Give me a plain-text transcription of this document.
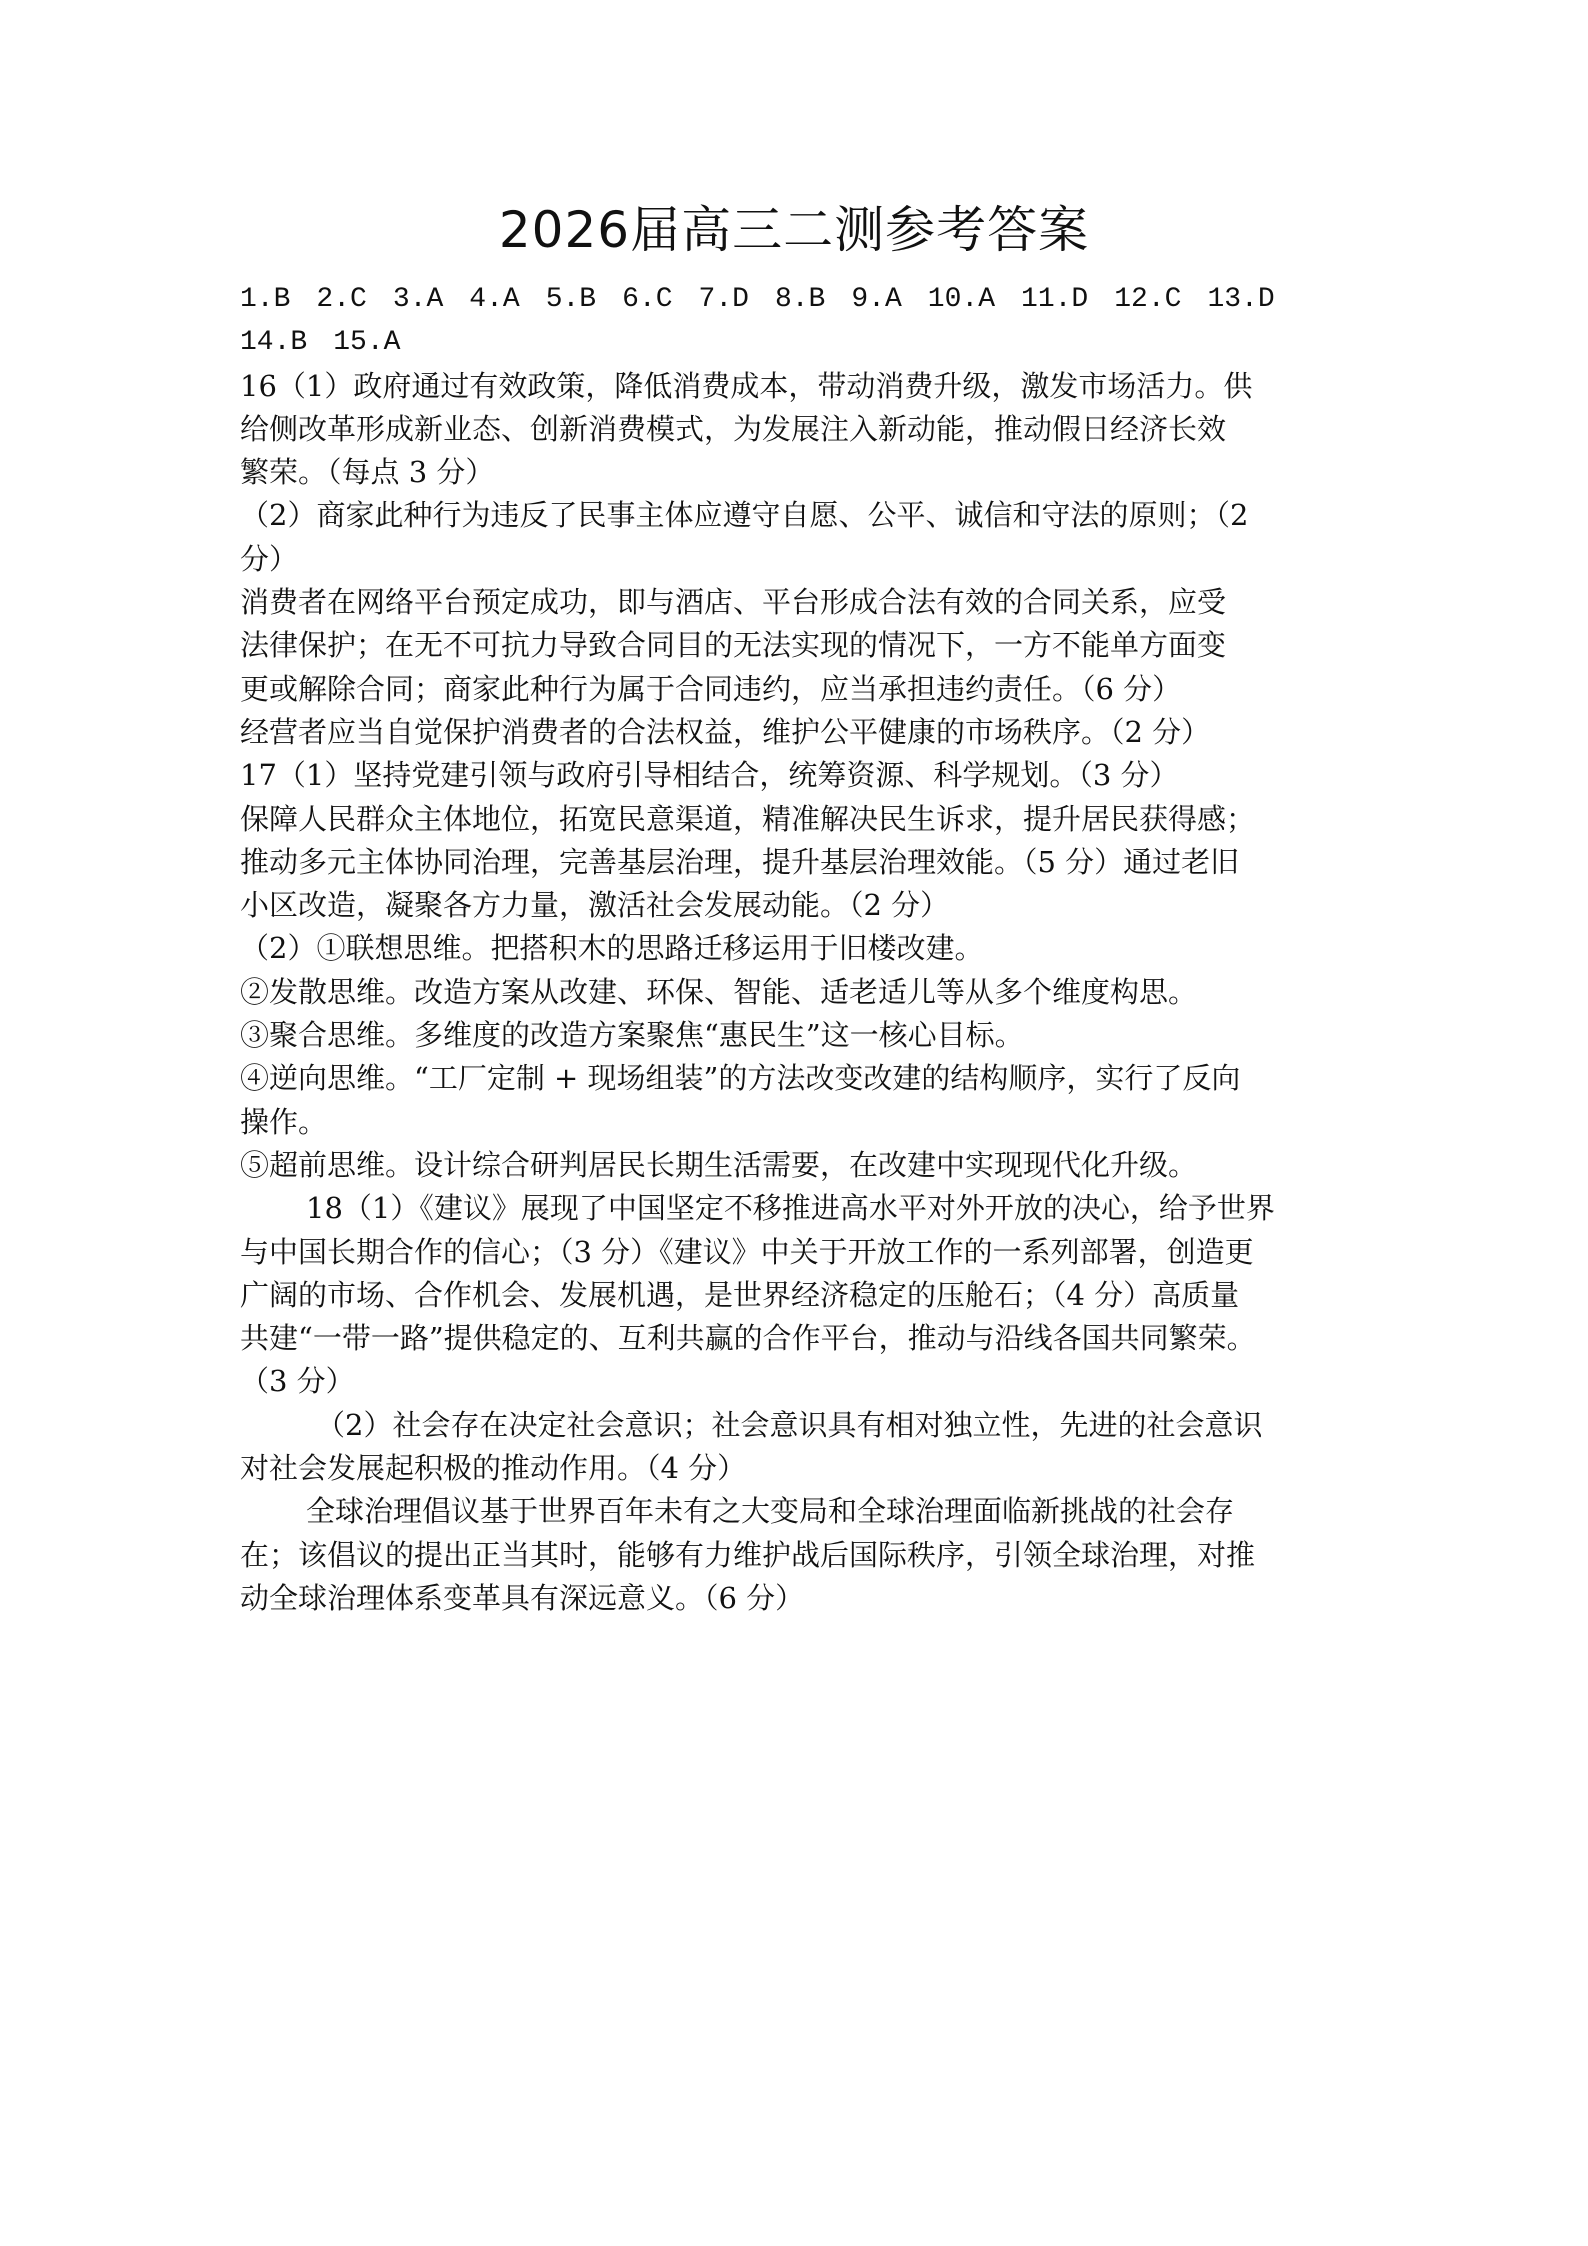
2026届高三二测参考答案
1.B 2.C 3.A 4.A 5.B 6.C 7.D 8.B 9.A 10.A 11.D 12.C 13.D
14.B 15.A
16（1）政府通过有效政策，降低消费成本，带动消费升级，激发市场活力。供
给侧改革形成新业态、创新消费模式，为发展注入新动能，推动假日经济长效
繁荣。（每点 3 分）
（2）商家此种行为违反了民事主体应遵守自愿、公平、诚信和守法的原则；（2
分）
消费者在网络平台预定成功，即与酒店、平台形成合法有效的合同关系，应受
法律保护；在无不可抗力导致合同目的无法实现的情况下，一方不能单方面变
更或解除合同；商家此种行为属于合同违约，应当承担违约责任。（6 分）
经营者应当自觉保护消费者的合法权益，维护公平健康的市场秩序。（2 分）
17（1）坚持党建引领与政府引导相结合，统筹资源、科学规划。（3 分）
保障人民群众主体地位，拓宽民意渠道，精准解决民生诉求，提升居民获得感；
推动多元主体协同治理，完善基层治理，提升基层治理效能。（5 分）通过老旧
小区改造，凝聚各方力量，激活社会发展动能。（2 分）
（2）①联想思维。把搭积木的思路迁移运用于旧楼改建。
②发散思维。改造方案从改建、环保、智能、适老适儿等从多个维度构思。
③聚合思维。多维度的改造方案聚焦“惠民生”这一核心目标。
④逆向思维。“工厂定制 + 现场组装”的方法改变改建的结构顺序，实行了反向
操作。
⑤超前思维。设计综合研判居民长期生活需要，在改建中实现现代化升级。
18（1）《建议》展现了中国坚定不移推进高水平对外开放的决心，给予世界
与中国长期合作的信心；（3 分）《建议》中关于开放工作的一系列部署，创造更
广阔的市场、合作机会、发展机遇，是世界经济稳定的压舱石；（4 分）高质量
共建“一带一路”提供稳定的、互利共赢的合作平台，推动与沿线各国共同繁荣。
（3 分）
（2）社会存在决定社会意识；社会意识具有相对独立性，先进的社会意识
对社会发展起积极的推动作用。（4 分）
全球治理倡议基于世界百年未有之大变局和全球治理面临新挑战的社会存
在；该倡议的提出正当其时，能够有力维护战后国际秩序，引领全球治理，对推
动全球治理体系变革具有深远意义。（6 分）
